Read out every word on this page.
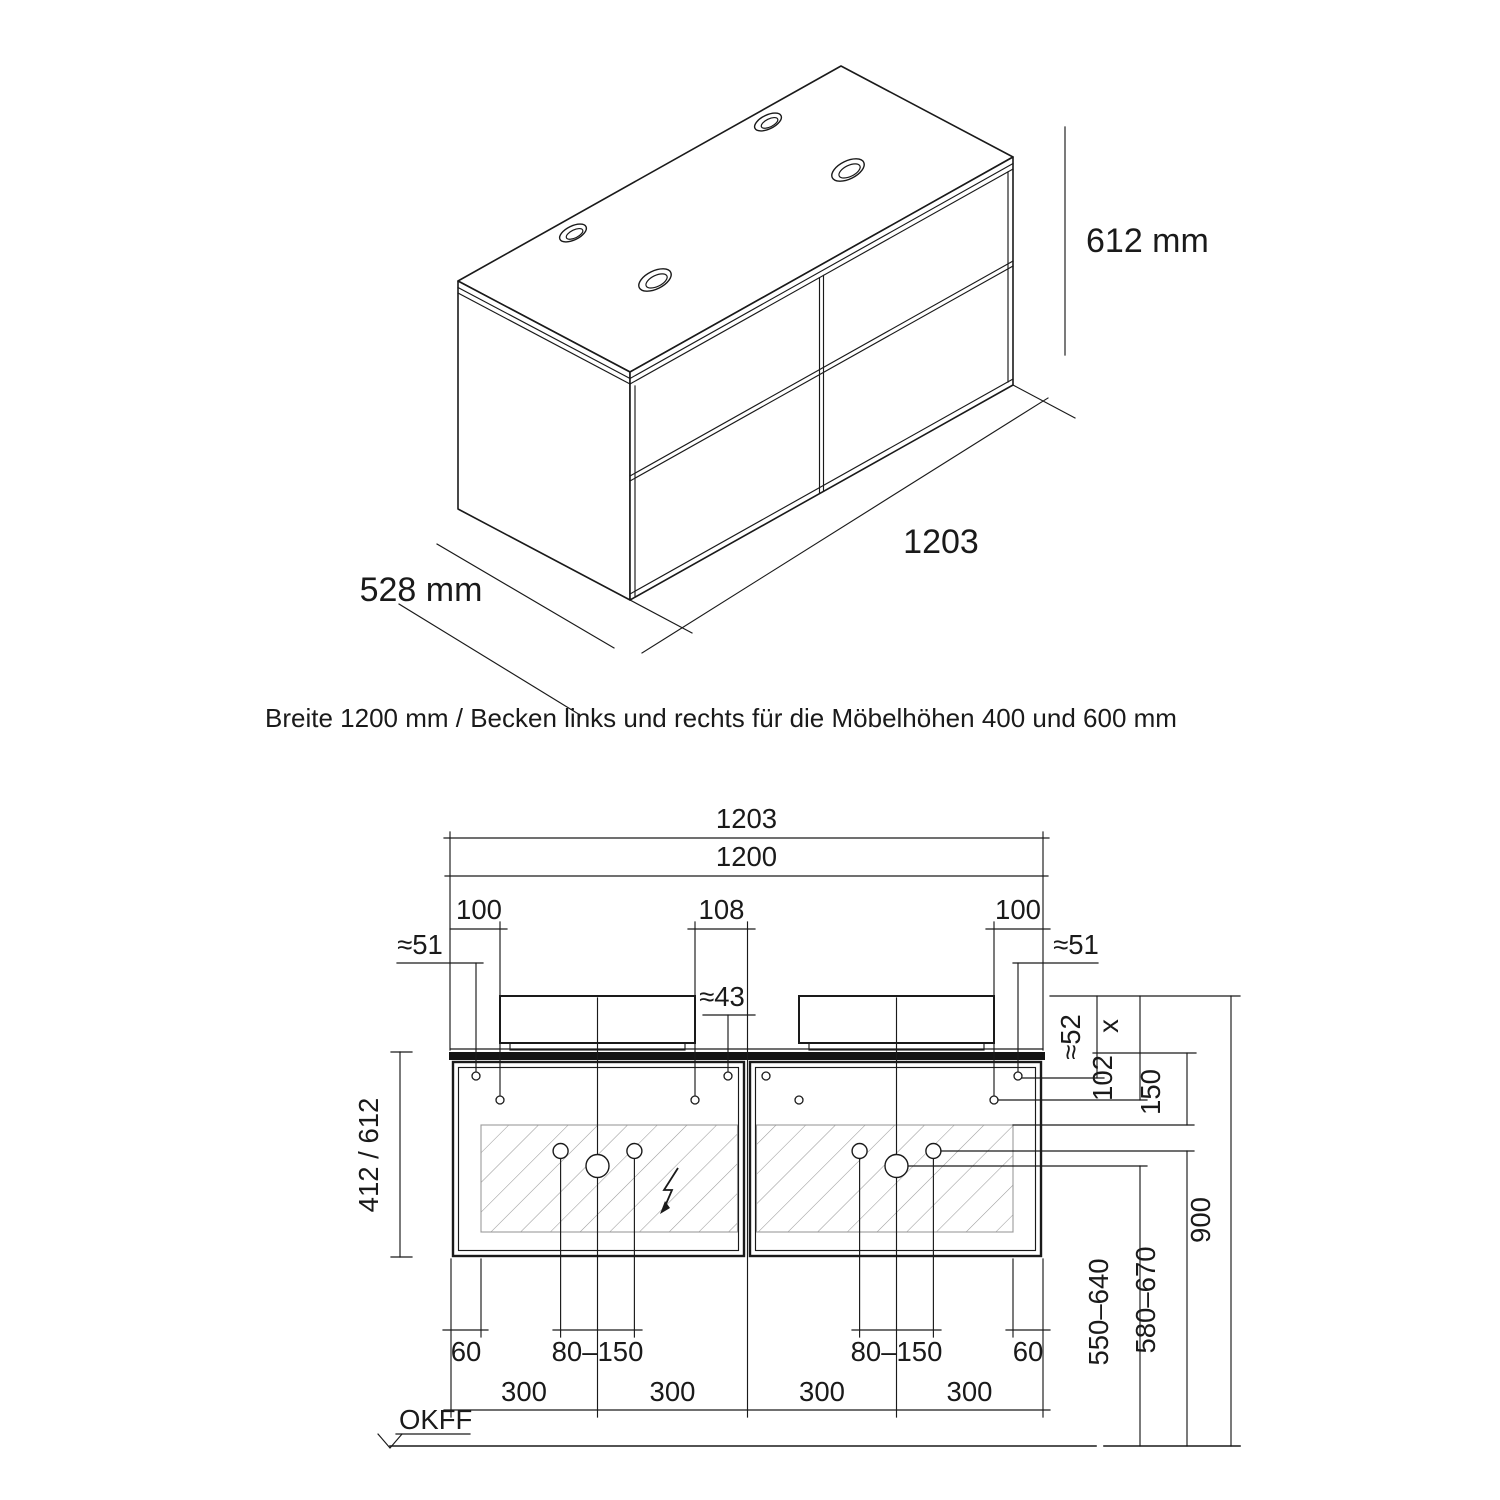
612 mm
1203
528 mm
Breite 1200 mm / Becken links und rechts für die Möbelhöhen 400 und 600 mm
1203
1200
100	108	100
≈51	≈51
≈43
412 / 612
≈52 x
102 150
550–640 580–670
900
60	80–150	80–150	60
300	300	300	300
OKFF
